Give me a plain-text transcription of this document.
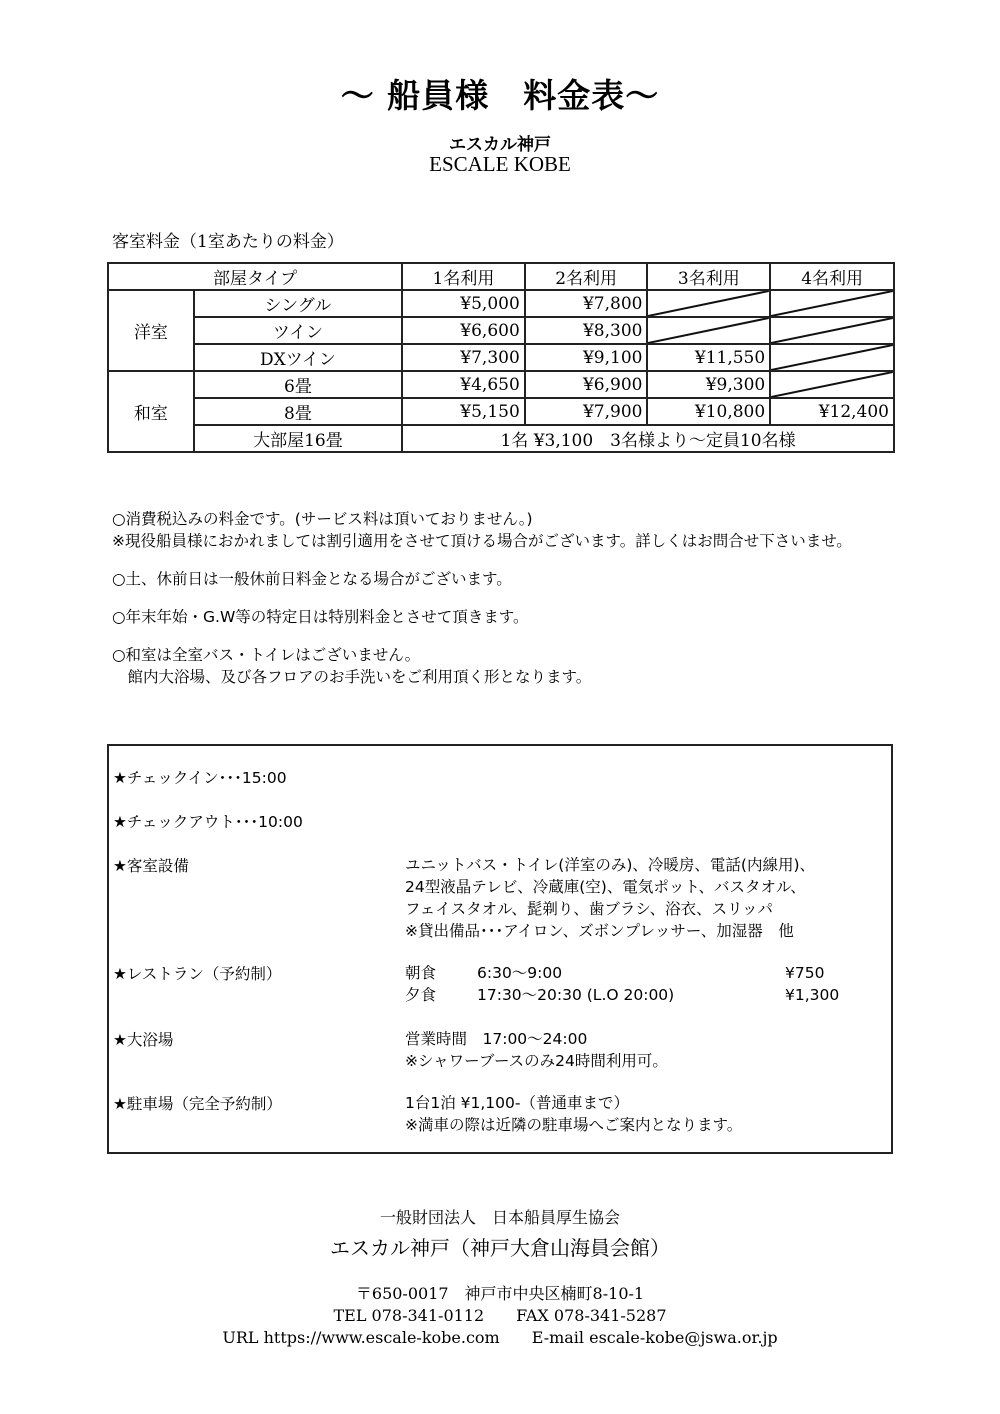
～ 船員様　料金表～
エスカル神戸
ESCALE KOBE
客室料金（1室あたりの料金）
部屋タイプ		1名利用	2名利用	3名利用	4名利用
洋室	シングル	¥5,000	¥7,800	

	ツイン	¥6,600	¥8,300	

	DXツイン	¥7,300	¥9,100	¥11,550	

和室	6畳	¥4,650	¥6,900	¥9,300	

	8畳	¥5,150	¥7,900	¥10,800	¥12,400
	大部屋16畳	1名 ¥3,100　3名様より～定員10名様			

○消費税込みの料金です。(サービス料は頂いておりません。)
※現役船員様におかれましては割引適用をさせて頂ける場合がございます。詳しくはお問合せ下さいませ。

○土、休前日は一般休前日料金となる場合がございます。

○年末年始・G.W等の特定日は特別料金とさせて頂きます。

○和室は全室バス・トイレはございません。
　館内大浴場、及び各フロアのお手洗いをご利用頂く形となります。

★チェックイン･･･15:00
★チェックアウト･･･10:00
★客室設備	ユニットバス・トイレ(洋室のみ)、冷暖房、電話(内線用)、
24型液晶テレビ、冷蔵庫(空)、電気ポット、バスタオル、
フェイスタオル、髭剃り、歯ブラシ、浴衣、スリッパ
※貸出備品･･･アイロン、ズボンプレッサー、加湿器　他
★レストラン（予約制）	朝食	6:30～9:00	¥750
夕食	17:30～20:30 (L.O 20:00)	¥1,300
★大浴場	営業時間　17:00～24:00
※シャワーブースのみ24時間利用可。
★駐車場（完全予約制）	1台1泊 ¥1,100-（普通車まで）
※満車の際は近隣の駐車場へご案内となります。
一般財団法人　日本船員厚生協会
エスカル神戸（神戸大倉山海員会館）
〒650-0017　神戸市中央区楠町8-10-1
TEL 078-341-0112　　FAX 078-341-5287
URL https://www.escale-kobe.com　　E-mail escale-kobe@jswa.or.jp
